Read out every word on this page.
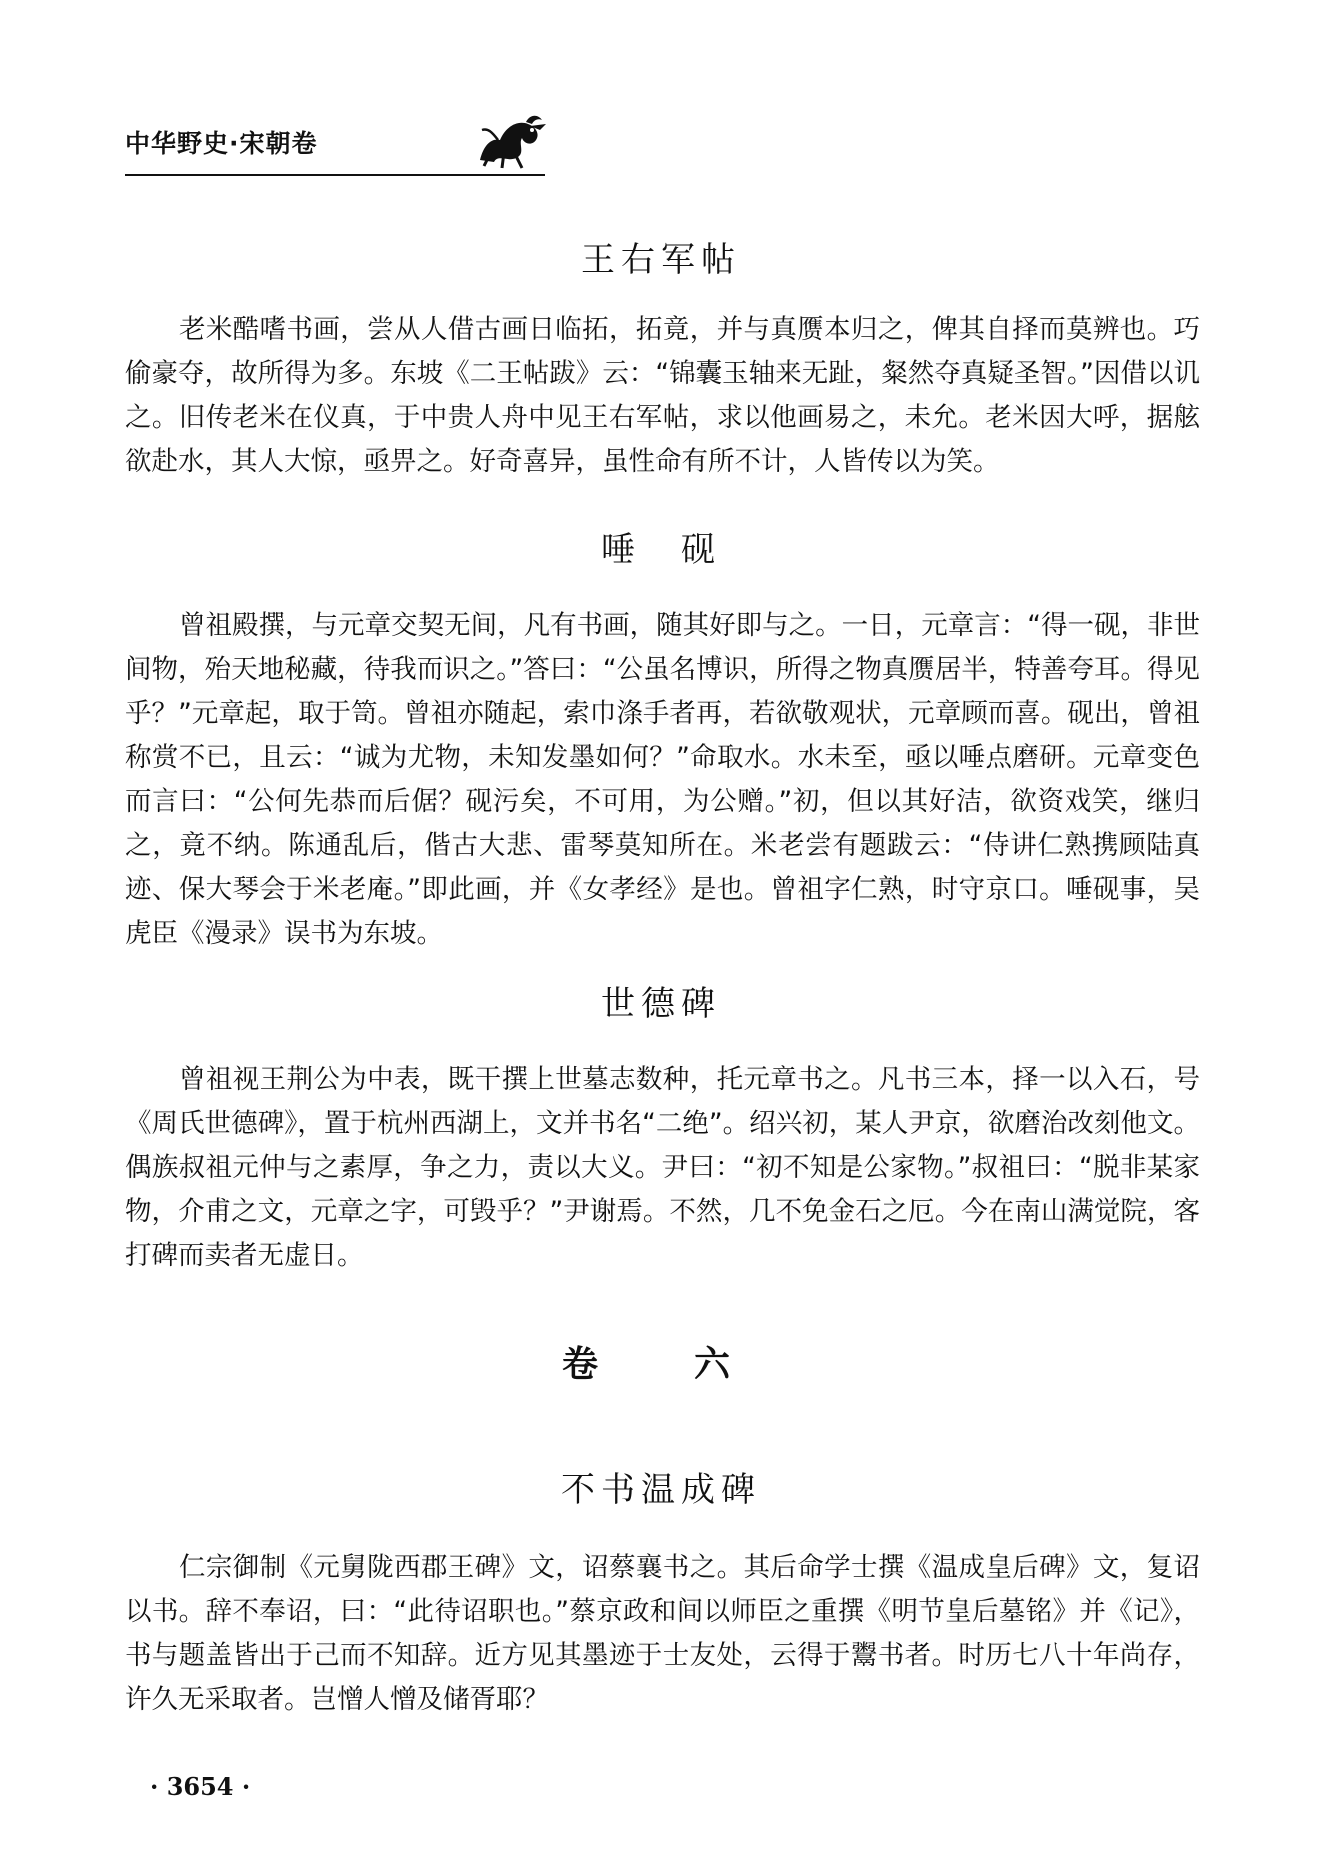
中华野史·宋朝卷
王右军帖

老米酷嗜书画，尝从人借古画日临拓，拓竟，并与真赝本归之，俾其自择而莫辨也。巧偷豪夺，故所得为多。东坡《二王帖跋》云：“锦囊玉轴来无趾，粲然夺真疑圣智。”因借以讥之。旧传老米在仪真，于中贵人舟中见王右军帖，求以他画易之，未允。老米因大呼，据舷欲赴水，其人大惊，亟畀之。好奇喜异，虽性命有所不计，人皆传以为笑。

唾　砚

曾祖殿撰，与元章交契无间，凡有书画，随其好即与之。一日，元章言：“得一砚，非世间物，殆天地秘藏，待我而识之。”答曰：“公虽名博识，所得之物真赝居半，特善夸耳。得见乎？”元章起，取于笥。曾祖亦随起，索巾涤手者再，若欲敬观状，元章顾而喜。砚出，曾祖称赏不已，且云：“诚为尤物，未知发墨如何？”命取水。水未至，亟以唾点磨研。元章变色而言曰：“公何先恭而后倨？砚污矣，不可用，为公赠。”初，但以其好洁，欲资戏笑，继归之，竟不纳。陈通乱后，偕古大悲、雷琴莫知所在。米老尝有题跋云：“侍讲仁熟携顾陆真迹、保大琴会于米老庵。”即此画，并《女孝经》是也。曾祖字仁熟，时守京口。唾砚事，吴虎臣《漫录》误书为东坡。

世德碑

曾祖视王荆公为中表，既干撰上世墓志数种，托元章书之。凡书三本，择一以入石，号《周氏世德碑》，置于杭州西湖上，文并书名“二绝”。绍兴初，某人尹京，欲磨治改刻他文。偶族叔祖元仲与之素厚，争之力，责以大义。尹曰：“初不知是公家物。”叔祖曰：“脱非某家物，介甫之文，元章之字，可毁乎？”尹谢焉。不然，几不免金石之厄。今在南山满觉院，客打碑而卖者无虚日。

卷　六
不书温成碑

仁宗御制《元舅陇西郡王碑》文，诏蔡襄书之。其后命学士撰《温成皇后碑》文，复诏以书。辞不奉诏，曰：“此待诏职也。”蔡京政和间以师臣之重撰《明节皇后墓铭》并《记》，书与题盖皆出于己而不知辞。近方见其墨迹于士友处，云得于鬻书者。时历七八十年尚存，许久无采取者。岂憎人憎及储胥耶？

· 3654 ·
